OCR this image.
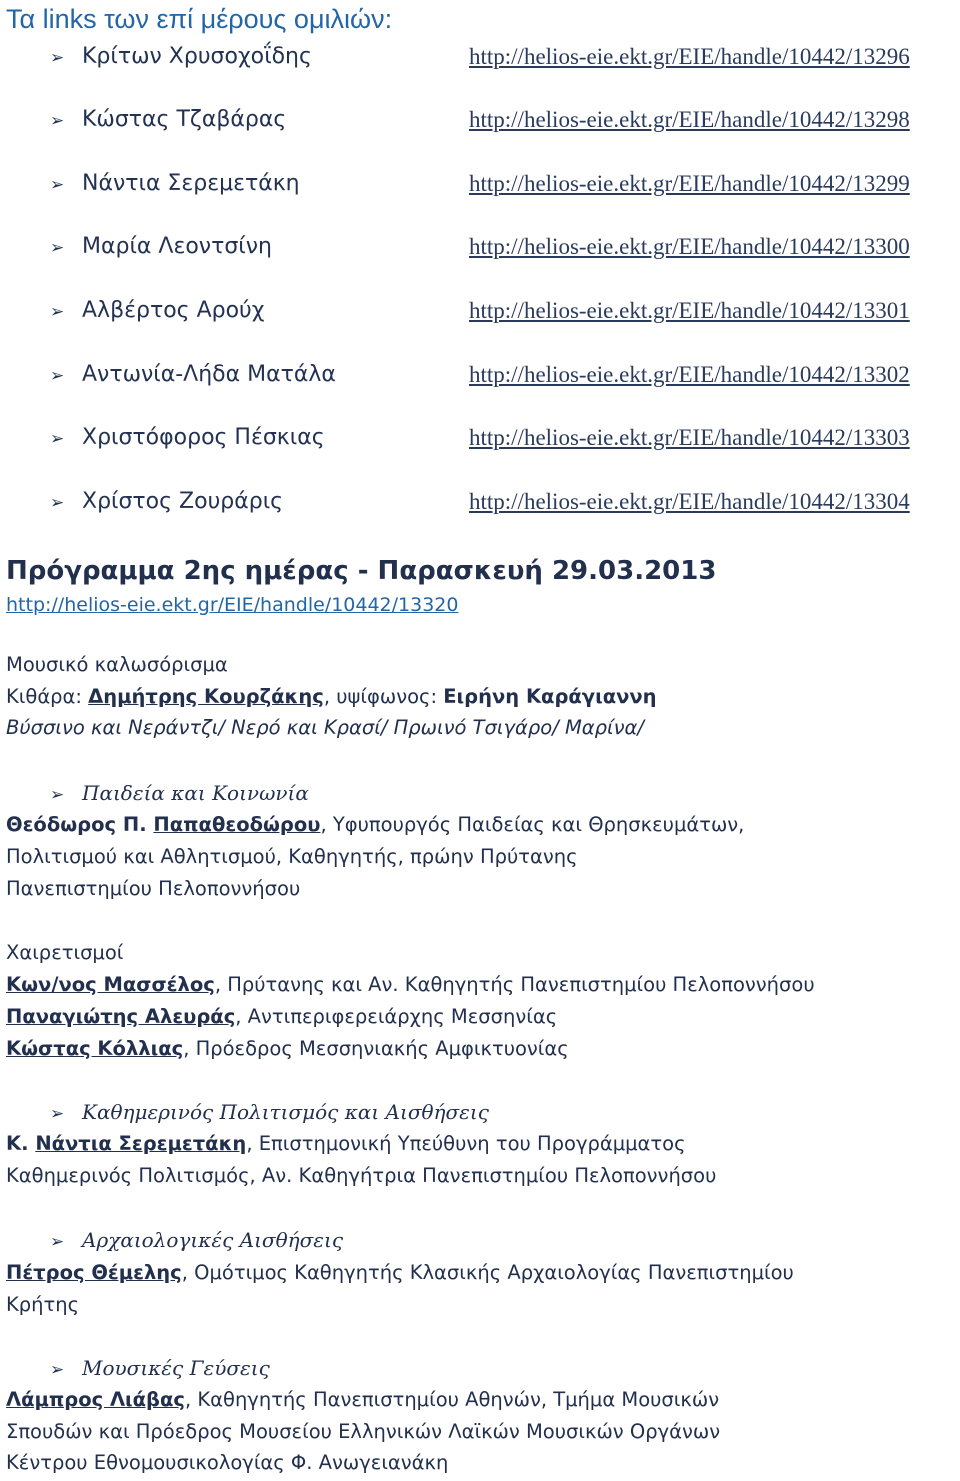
Τα links των επί μέρους ομιλιών:
➢ Κρίτων Χρυσοχοΐδης	http://helios-eie.ekt.gr/EIE/handle/10442/13296
➢ Κώστας Τζαβάρας	http://helios-eie.ekt.gr/EIE/handle/10442/13298
➢ Νάντια Σερεμετάκη	http://helios-eie.ekt.gr/EIE/handle/10442/13299
➢ Μαρία Λεοντσίνη	http://helios-eie.ekt.gr/EIE/handle/10442/13300
➢ Αλβέρτος Αρούχ	http://helios-eie.ekt.gr/EIE/handle/10442/13301
➢ Αντωνία-Λήδα Ματάλα	http://helios-eie.ekt.gr/EIE/handle/10442/13302
➢ Χριστόφορος Πέσκιας	http://helios-eie.ekt.gr/EIE/handle/10442/13303
➢ Χρίστος Ζουράρις	http://helios-eie.ekt.gr/EIE/handle/10442/13304
Πρόγραμμα 2ης ημέρας - Παρασκευή 29.03.2013
http://helios-eie.ekt.gr/EIE/handle/10442/13320
Μουσικό καλωσόρισμα
Κιθάρα: Δημήτρης Κουρζάκης, υψίφωνος: Ειρήνη Καράγιαννη
Βύσσινο και Νεράντζι/ Νερό και Κρασί/ Πρωινό Τσιγάρο/ Μαρίνα/
➢ Παιδεία και Κοινωνία
Θεόδωρος Π. Παπαθεοδώρου, Υφυπουργός Παιδείας και Θρησκευμάτων,
Πολιτισμού και Αθλητισμού, Καθηγητής, πρώην Πρύτανης
Πανεπιστημίου Πελοποννήσου
Χαιρετισμοί
Κων/νος Μασσέλος, Πρύτανης και Αν. Καθηγητής Πανεπιστημίου Πελοποννήσου
Παναγιώτης Αλευράς, Αντιπεριφερειάρχης Μεσσηνίας
Κώστας Κόλλιας, Πρόεδρος Μεσσηνιακής Αμφικτυονίας
➢ Καθημερινός Πολιτισμός και Αισθήσεις
Κ. Νάντια Σερεμετάκη, Επιστημονική Υπεύθυνη του Προγράμματος
Καθημερινός Πολιτισμός, Αν. Καθηγήτρια Πανεπιστημίου Πελοποννήσου
➢ Αρχαιολογικές Αισθήσεις
Πέτρος Θέμελης, Ομότιμος Καθηγητής Κλασικής Αρχαιολογίας Πανεπιστημίου
Κρήτης
➢ Μουσικές Γεύσεις
Λάμπρος Λιάβας, Καθηγητής Πανεπιστημίου Αθηνών, Τμήμα Μουσικών
Σπουδών και Πρόεδρος Μουσείου Ελληνικών Λαϊκών Μουσικών Οργάνων
Κέντρου Εθνομουσικολογίας Φ. Ανωγειανάκη
